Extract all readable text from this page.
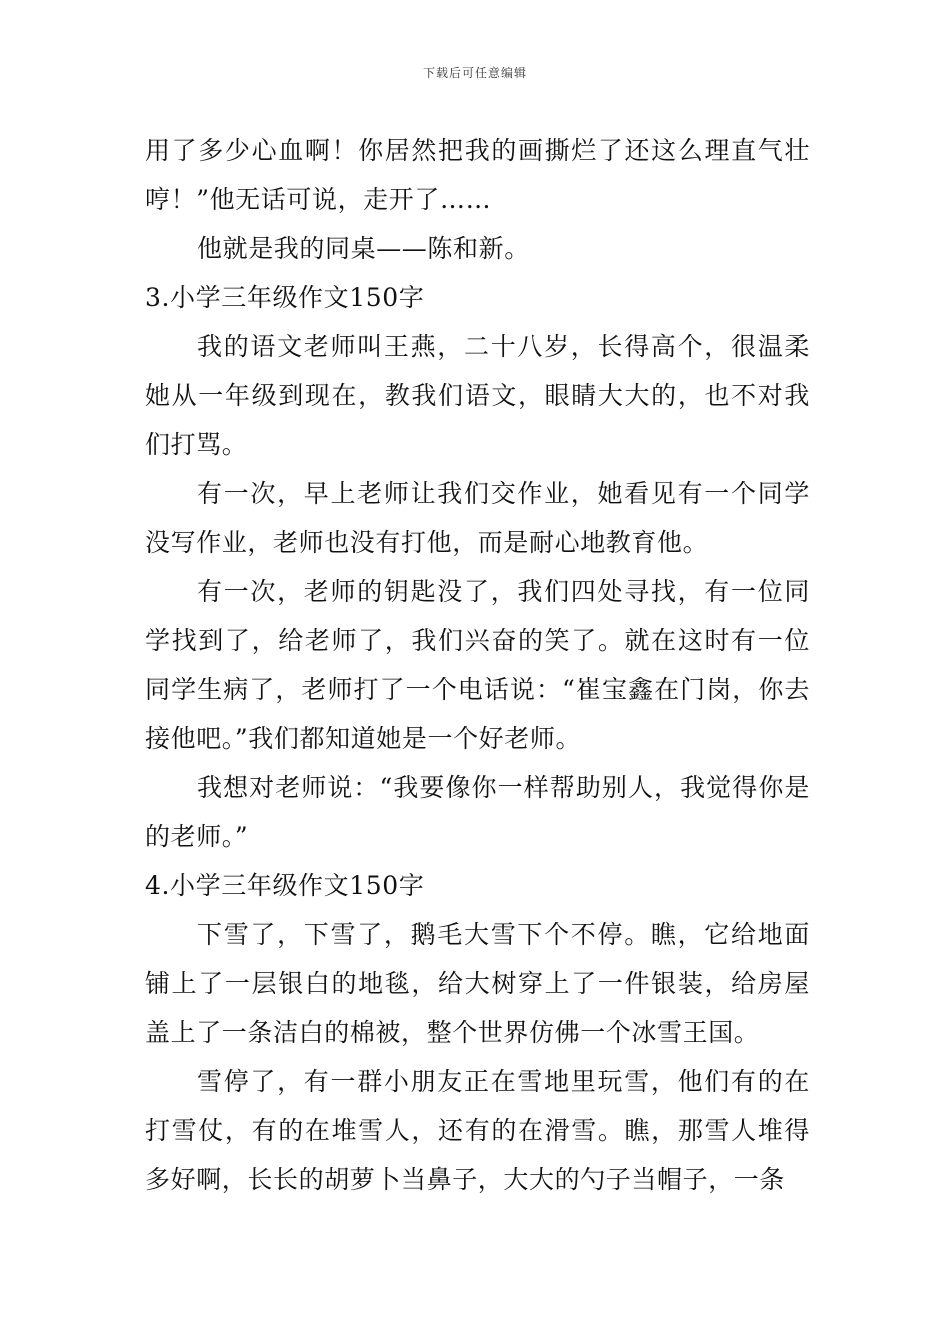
下载后可任意编辑

用了多少心血啊！你居然把我的画撕烂了还这么理直气壮哼！”他无话可说，走开了……

他就是我的同桌——陈和新。

3.小学三年级作文150字

我的语文老师叫王燕，二十八岁，长得高个，很温柔她从一年级到现在，教我们语文，眼睛大大的，也不对我们打骂。

有一次，早上老师让我们交作业，她看见有一个同学没写作业，老师也没有打他，而是耐心地教育他。

有一次，老师的钥匙没了，我们四处寻找，有一位同学找到了，给老师了，我们兴奋的笑了。就在这时有一位同学生病了，老师打了一个电话说：“崔宝鑫在门岗，你去接他吧。”我们都知道她是一个好老师。

我想对老师说：“我要像你一样帮助别人，我觉得你是的老师。”

4.小学三年级作文150字

下雪了，下雪了，鹅毛大雪下个不停。瞧，它给地面铺上了一层银白的地毯，给大树穿上了一件银装，给房屋盖上了一条洁白的棉被，整个世界仿佛一个冰雪王国。

雪停了，有一群小朋友正在雪地里玩雪，他们有的在打雪仗，有的在堆雪人，还有的在滑雪。瞧，那雪人堆得多好啊，长长的胡萝卜当鼻子，大大的勺子当帽子，一条
